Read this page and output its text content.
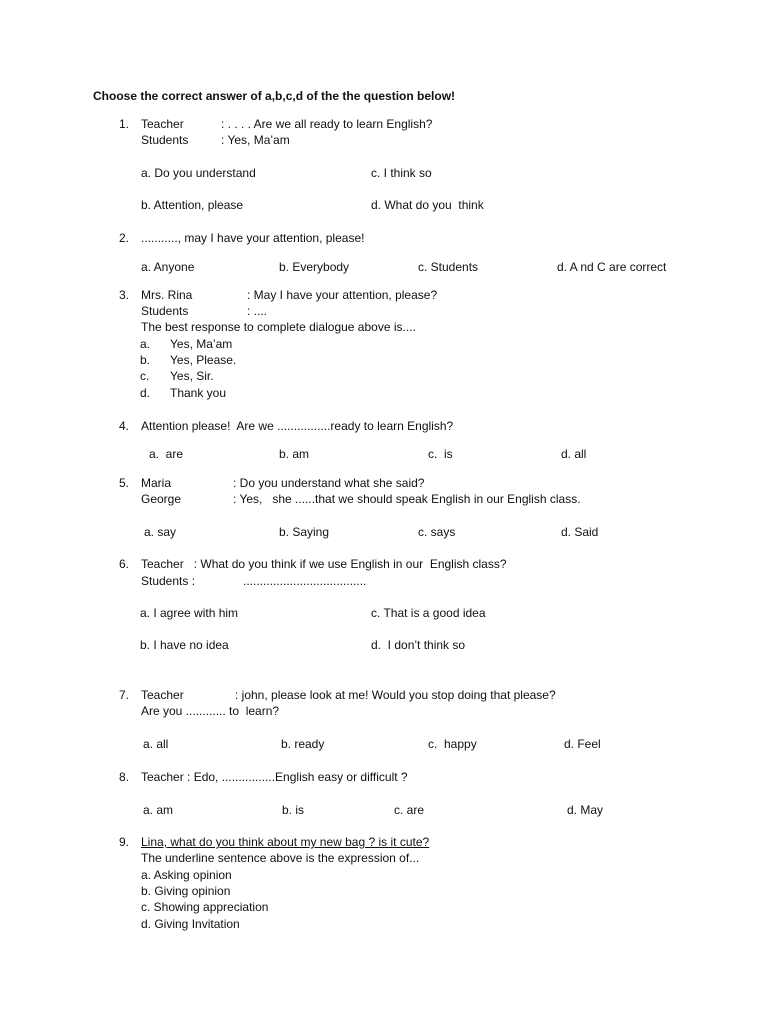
Choose the correct answer of a,b,c,d of the the question below!
1. Teacher	: . . . . Are we all ready to learn English?
Students	: Yes, Ma’am
a. Do you understand	c. I think so
b. Attention, please	d. What do you  think
2. ..........., may I have your attention, please!
a. Anyone	b. Everybody	c. Students	d. A nd C are correct
3. Mrs. Rina	: May I have your attention, please?
Students	: ....
The best response to complete dialogue above is....
a. Yes, Ma’am
b. Yes, Please.
c. Yes, Sir.
d. Thank you
4. Attention please!  Are we ................ready to learn English?
a.  are	b. am	c.  is	d. all
5. Maria	: Do you understand what she said?
George	: Yes,   she ......that we should speak English in our English class.
a. say	b. Saying	c. says	d. Said
6. Teacher   : What do you think if we use English in our  English class?
Students :	.....................................
a. I agree with him	c. That is a good idea
b. I have no idea	d.  I don’t think so
7. Teacher	: john, please look at me! Would you stop doing that please?
Are you ............ to  learn?
a. all	b. ready	c.  happy	d. Feel
8. Teacher : Edo, ................English easy or difficult ?
a. am	b. is	c. are	d. May
9. Lina, what do you think about my new bag ? is it cute?
The underline sentence above is the expression of...
a. Asking opinion
b. Giving opinion
c. Showing appreciation
d. Giving Invitation
